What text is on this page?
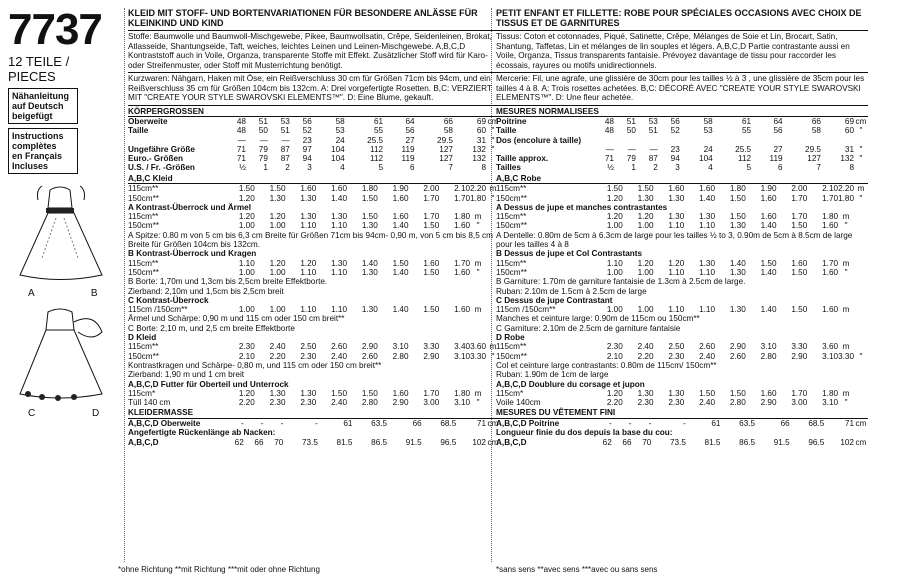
7737
12 TEILE / PIECES
Nähanleitung
auf Deutsch
beigefügt
Instructions
complètes
en Français
Incluses
A	B
C	D
KLEID MIT STOFF- UND BORTENVARIATIONEN FÜR BESONDERE ANLÄSSE FÜR KLEINKIND UND KIND
Stoffe: Baumwolle und Baumwoll-Mischgewebe, Pikee, Baumwollsatin, Crêpe, Seidenleinen, Brokat, Atlasseide, Shantungseide, Taft, weiches, leichtes Leinen und Leinen-Mischgewebe. A,B,C,D Kontraststoff auch in Voile, Organza, transparente Stoffe mit Effekt. Zusätzlicher Stoff wird für Karo- oder Streifenmuster, oder Stoff mit Musterrichtung benötigt.
Kurzwaren: Nähgarn, Haken mit Öse, ein Reißverschluss 30 cm für Größen 71cm bis 94cm, und ein Reißverschluss 35 cm für Größen 104cm bis 132cm. A: Drei vorgefertigte Rosetten. B,C: VERZIERT MIT "CREATE YOUR STYLE SWAROVSKI ELEMENTS™". D: Eine Blume, gekauft.
KÖRPERGROSSEN
Oberweite	48	51	53	56	58	61	64	66	69	cm
Taille	48	50	51	52	53	55	56	58	60	"

	—	—	—	23	24	25.5	27	29.5	31	"
Ungefähre Größe	71	79	87	97	104	112	119	127	132	"
Euro.- Größen	71	79	87	94	104	112	119	127	132	
U.S. / Fr. -Größen	½	1	2	3	4	5	6	7	8	
A,B,C Kleid
115cm**	1.50	1.50	1.60	1.60	1.80	1.90	2.00	2.10	2.20	m
150cm**	1.20	1.30	1.30	1.40	1.50	1.60	1.70	1.70	1.80	"
A Kontrast-Überrock und Ärmel										
115cm**	1.20	1.20	1.30	1.30	1.50	1.60	1.70	1.80	m	
150cm**	1.00	1.00	1.10	1.10	1.30	1.40	1.50	1.60	"	
A Spitze: 0.80 m von 5 cm bis 6,3 cm Breite für Größen 71cm bis 94cm- 0,90 m, von 5 cm bis 8,5 cm Breite für Größen 104cm bis 132cm.										
B Kontrast-Überrock und Kragen										
115cm**	1.10	1.20	1.20	1.30	1.40	1.50	1.60	1.70	m	
150cm**	1.00	1.00	1.10	1.10	1.30	1.40	1.50	1.60	"	
B Borte: 1,70m und 1,3cm bis 2,5cm breite Effektborte.										
Zierband: 2,10m und 1,5cm bis 2,5cm breit										
C Kontrast-Überrock										
115cm /150cm**	1.00	1.00	1.10	1.10	1.30	1.40	1.50	1.60	m	
Ärmel und Schärpe: 0,90 m und 115 cm oder 150 cm breit**										
C Borte: 2,10 m, und 2,5 cm breite Effektborte										
D Kleid										
115cm**	2.30	2.40	2.50	2.60	2.90	3.10	3.30	3.40	3.60	m
150cm**	2.10	2.20	2.30	2.40	2.60	2.80	2.90	3.10	3.30	"
Kontrastkragen und Schärpe- 0,80 m, und 115 cm oder 150 cm breit**										
Zierband: 1,90 m und 1 cm breit										
A,B,C,D Futter für Oberteil und Unterrock										
115cm*	1.20	1.30	1.30	1.50	1.50	1.60	1.70	1.80	m	
Tüll 140 cm	2.20	2.30	2.30	2.40	2.80	2.90	3.00	3.10	"	
KLEIDERMASSE
A,B,C,D Oberweite	-	-	-	-	61	63.5	66	68.5	71	cm
Angefertigte Rückenlänge ab Nacken:										
A,B,C,D	62	66	70	73.5	81.5	86.5	91.5	96.5	102	cm
PETIT ENFANT ET FILLETTE: ROBE POUR SPÉCIALES OCCASIONS AVEC CHOIX DE TISSUS ET DE GARNITURES
Tissus: Coton et cotonnades, Piqué, Satinette, Crêpe, Mélanges de Soie et Lin, Brocart, Satin, Shantung, Taffetas, Lin et mélanges de lin souples et légers. A,B,C,D Partie contrastante aussi en Voile, Organza, Tissus transparents fantaisie. Prévoyez davantage de tissu pour raccorder les écossais, rayures ou motifs unidirectionnels.
Mercerie: Fil, une agrafe, une glissière de 30cm pour les tailles ½ à 3 , une glissière de 35cm pour les tailles 4 à 8. A: Trois rosettes achetées. B,C: DÉCORÉ AVEC "CREATE YOUR STYLE SWAROVSKI ELEMENTS™". D: Une fleur achetée.
MESURES NORMALISEES
Poitrine	48	51	53	56	58	61	64	66	69	cm
Taille	48	50	51	52	53	55	56	58	60	"
Dos (encolure à taille)										
	—	—	—	23	24	25.5	27	29.5	31	"
Taille approx.	71	79	87	94	104	112	119	127	132	"
Tailles	½	1	2	3	4	5	6	7	8	
A,B,C Robe
115cm**	1.50	1.50	1.60	1.60	1.80	1.90	2.00	2.10	2.20	m
150cm**	1.20	1.30	1.30	1.40	1.50	1.60	1.70	1.70	1.80	"
A Dessus de jupe et manches contrastantes										
115cm**	1.20	1.20	1.30	1.30	1.50	1.60	1.70	1.80	m	
150cm**	1.00	1.00	1.10	1.10	1.30	1.40	1.50	1.60	"	
A Dentelle: 0.80m de 5cm à 6.3cm de large pour les tailles ½ to 3, 0.90m de 5cm à 8.5cm de large pour les tailles 4 à 8										
B Dessus de jupe et Col Contrastants										
115cm**	1.10	1.20	1.20	1.30	1.40	1.50	1.60	1.70	m	
150cm**	1.00	1.00	1.10	1.10	1.30	1.40	1.50	1.60	"	
B Garniture: 1.70m de garniture fantaisie de 1.3cm à 2.5cm de large.										
Ruban: 2.10m de 1.5cm à 2.5cm de large										
C Dessus de jupe Contrastant										
115cm /150cm**	1.00	1.00	1.10	1.10	1.30	1.40	1.50	1.60	m	
Manches et ceinture large: 0.90m de 115cm ou 150cm**										
C Garniture: 2.10m de 2.5cm de garniture fantaisie										
D Robe										
115cm**	2.30	2.40	2.50	2.60	2.90	3.10	3.30	3.60	m	
150cm**	2.10	2.20	2.30	2.40	2.60	2.80	2.90	3.10	3.30	"
Col et ceinture large contrastants: 0.80m de 115cm/ 150cm**										
Ruban: 1.90m de 1cm de large										
A,B,C,D Doublure du corsage et jupon										
115cm*	1.20	1.30	1.30	1.50	1.50	1.60	1.70	1.80	m	
Voile 140cm	2.20	2.30	2.30	2.40	2.80	2.90	3.00	3.10	"	
MESURES DU VÊTEMENT FINI
A,B,C,D Poitrine	-	-	-	-	61	63.5	66	68.5	71	cm
Longueur finie du dos depuis la base du cou:										
A,B,C,D	62	66	70	73.5	81.5	86.5	91.5	96.5	102	cm
*ohne Richtung **mit Richtung ***mit oder ohne Richtung	*sans sens **avec sens ***avec ou sans sens
